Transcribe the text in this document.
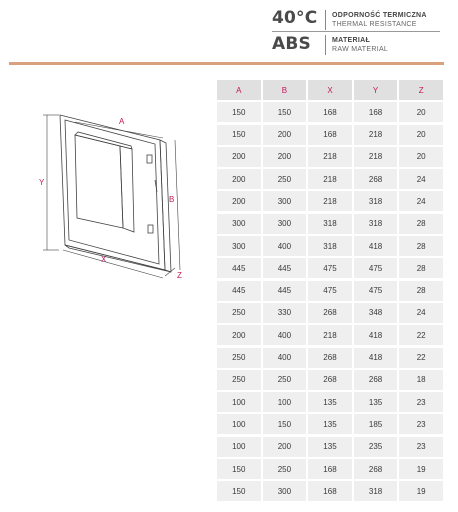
40°C ODPORNOŚĆ TERMICZNA
THERMAL RESISTANCE
ABS	MATERIAŁ
RAW MATERIAL
A
B
X
Y
Z
A	B	X	Y	Z
150	150	168	168	20
150	200	168	218	20
200	200	218	218	20
200	250	218	268	24
200	300	218	318	24
300	300	318	318	28
300	400	318	418	28
445	445	475	475	28
445	445	475	475	28
250	330	268	348	24
200	400	218	418	22
250	400	268	418	22
250	250	268	268	18
100	100	135	135	23
100	150	135	185	23
100	200	135	235	23
150	250	168	268	19
150	300	168	318	19
